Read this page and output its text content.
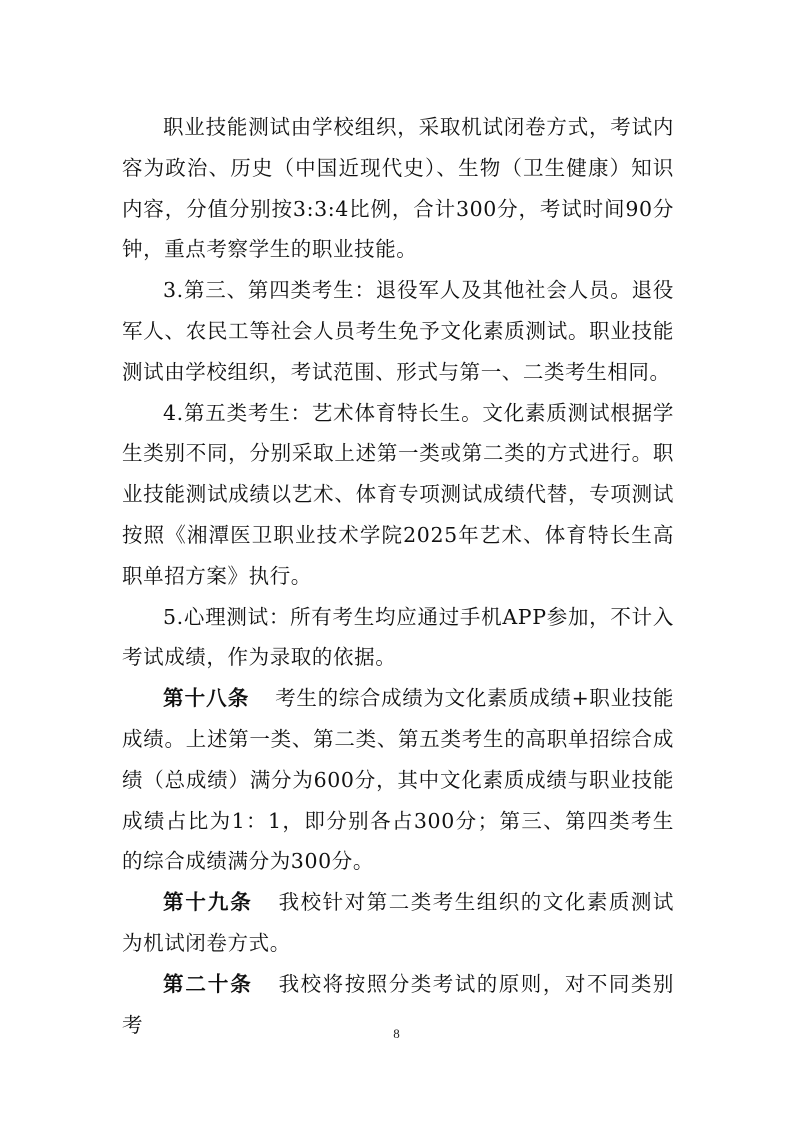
职业技能测试由学校组织，采取机试闭卷方式，考试内容为政治、历史（中国近现代史）、生物（卫生健康）知识内容，分值分别按3:3:4比例，合计300分，考试时间90分钟，重点考察学生的职业技能。

3.第三、第四类考生：退役军人及其他社会人员。退役军人、农民工等社会人员考生免予文化素质测试。职业技能测试由学校组织，考试范围、形式与第一、二类考生相同。

4.第五类考生：艺术体育特长生。文化素质测试根据学生类别不同，分别采取上述第一类或第二类的方式进行。职业技能测试成绩以艺术、体育专项测试成绩代替，专项测试按照《湘潭医卫职业技术学院2025年艺术、体育特长生高职单招方案》执行。

5.心理测试：所有考生均应通过手机APP参加，不计入考试成绩，作为录取的依据。

第十八条 考生的综合成绩为文化素质成绩+职业技能成绩。上述第一类、第二类、第五类考生的高职单招综合成绩（总成绩）满分为600分，其中文化素质成绩与职业技能成绩占比为1：1，即分别各占300分；第三、第四类考生的综合成绩满分为300分。

第十九条 我校针对第二类考生组织的文化素质测试为机试闭卷方式。

第二十条 我校将按照分类考试的原则，对不同类别考	8
